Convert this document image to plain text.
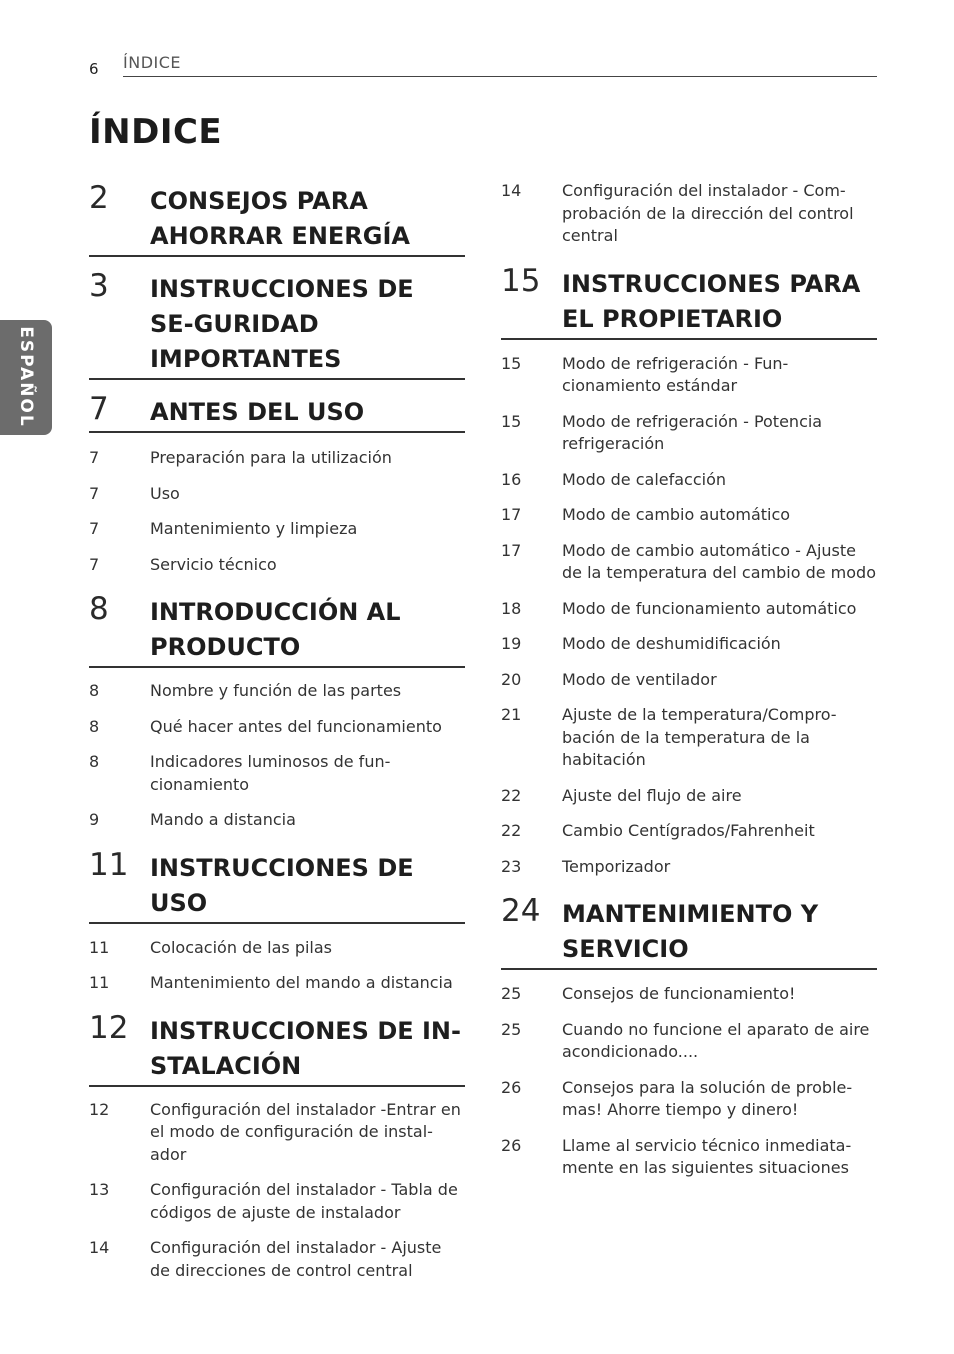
6 ÍNDICE
ESPAÑOL
ÍNDICE
2 CONSEJOS PARA AHORRAR ENERGÍA
3 INSTRUCCIONES DE SE-GURIDAD IMPORTANTES
7 ANTES DEL USO
7	Preparación para la utilización
7	Uso
7	Mantenimiento y limpieza
7	Servicio técnico
8 INTRODUCCIÓN AL PRODUCTO
8	Nombre y función de las partes
8	Qué hacer antes del funcionamiento
8	Indicadores luminosos de fun-cionamiento
9	Mando a distancia
11 INSTRUCCIONES DE USO
11	Colocación de las pilas
11	Mantenimiento del mando a distancia
12 INSTRUCCIONES DE IN-STALACIÓN
12	Configuración del instalador -Entrar en el modo de configuración de instal-ador
13	Configuración del instalador - Tabla de códigos de ajuste de instalador
14	Configuración del instalador - Ajuste de direcciones de control central
14	Configuración del instalador - Com-probación de la dirección del control central
15 INSTRUCCIONES PARA EL PROPIETARIO
15	Modo de refrigeración - Fun-cionamiento estándar
15	Modo de refrigeración - Potencia refrigeración
16	Modo de calefacción
17	Modo de cambio automático
17	Modo de cambio automático - Ajuste de la temperatura del cambio de modo
18	Modo de funcionamiento automático
19	Modo de deshumidificación
20	Modo de ventilador
21	Ajuste de la temperatura/Compro-bación de la temperatura de la habitación
22	Ajuste del flujo de aire
22	Cambio Centígrados/Fahrenheit
23	Temporizador
24 MANTENIMIENTO Y SERVICIO
25	Consejos de funcionamiento!
25	Cuando no funcione el aparato de aire acondicionado....
26	Consejos para la solución de proble-mas! Ahorre tiempo y dinero!
26	Llame al servicio técnico inmediata-mente en las siguientes situaciones
